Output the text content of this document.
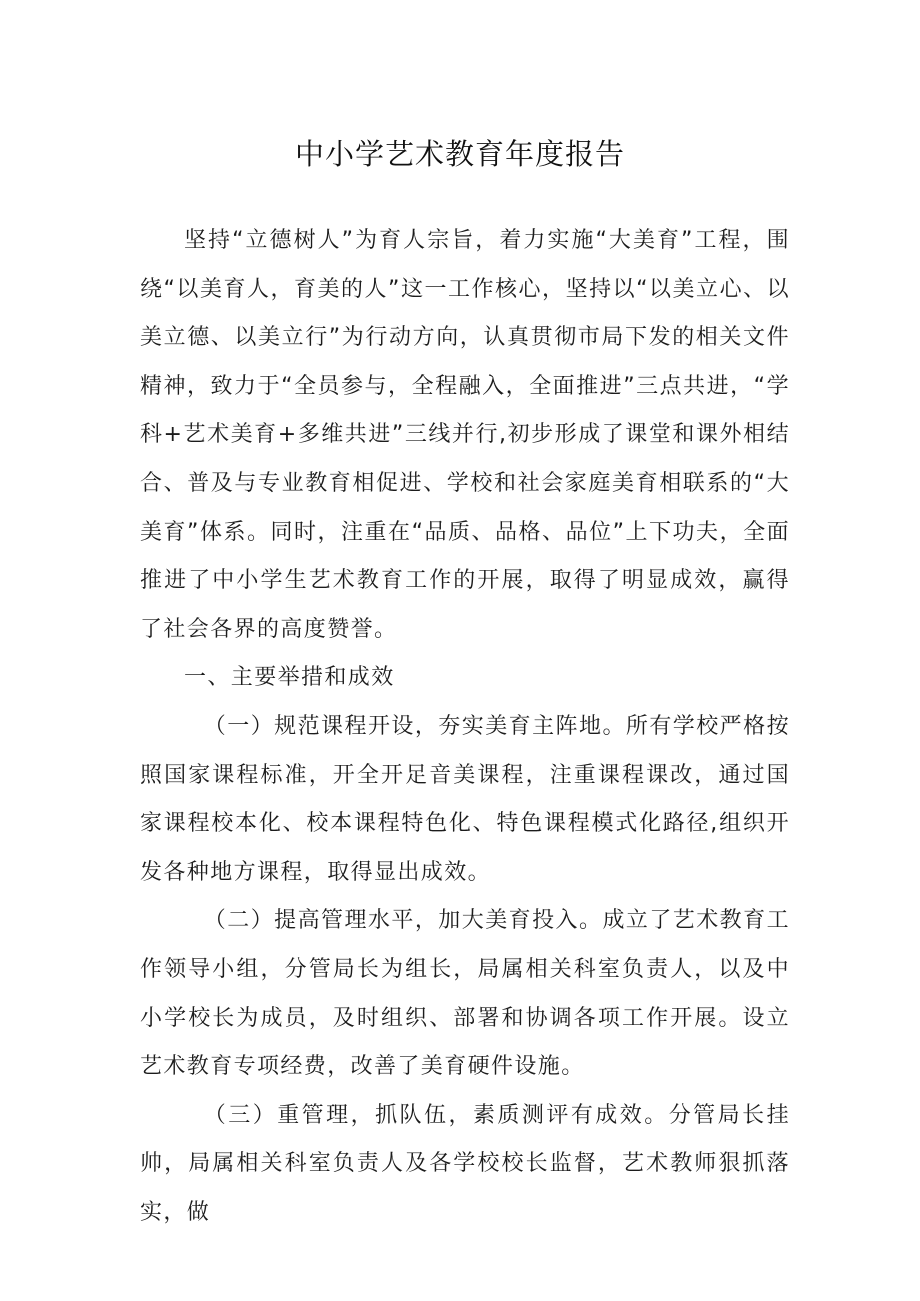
中小学艺术教育年度报告

坚持“立德树人”为育人宗旨，着力实施“大美育”工程，围绕“以美育人，育美的人”这一工作核心，坚持以“以美立心、以美立德、以美立行”为行动方向，认真贯彻市局下发的相关文件精神，致力于“全员参与，全程融入，全面推进”三点共进，“学科+艺术美育+多维共进”三线并行,初步形成了课堂和课外相结合、普及与专业教育相促进、学校和社会家庭美育相联系的“大美育”体系。同时，注重在“品质、品格、品位”上下功夫，全面推进了中小学生艺术教育工作的开展，取得了明显成效，赢得了社会各界的高度赞誉。

一、主要举措和成效

（一）规范课程开设，夯实美育主阵地。所有学校严格按照国家课程标准，开全开足音美课程，注重课程课改，通过国家课程校本化、校本课程特色化、特色课程模式化路径,组织开发各种地方课程，取得显出成效。

（二）提高管理水平，加大美育投入。成立了艺术教育工作领导小组，分管局长为组长，局属相关科室负责人，以及中小学校长为成员，及时组织、部署和协调各项工作开展。设立艺术教育专项经费，改善了美育硬件设施。

（三）重管理，抓队伍，素质测评有成效。分管局长挂帅，局属相关科室负责人及各学校校长监督，艺术教师狠抓落实，做
